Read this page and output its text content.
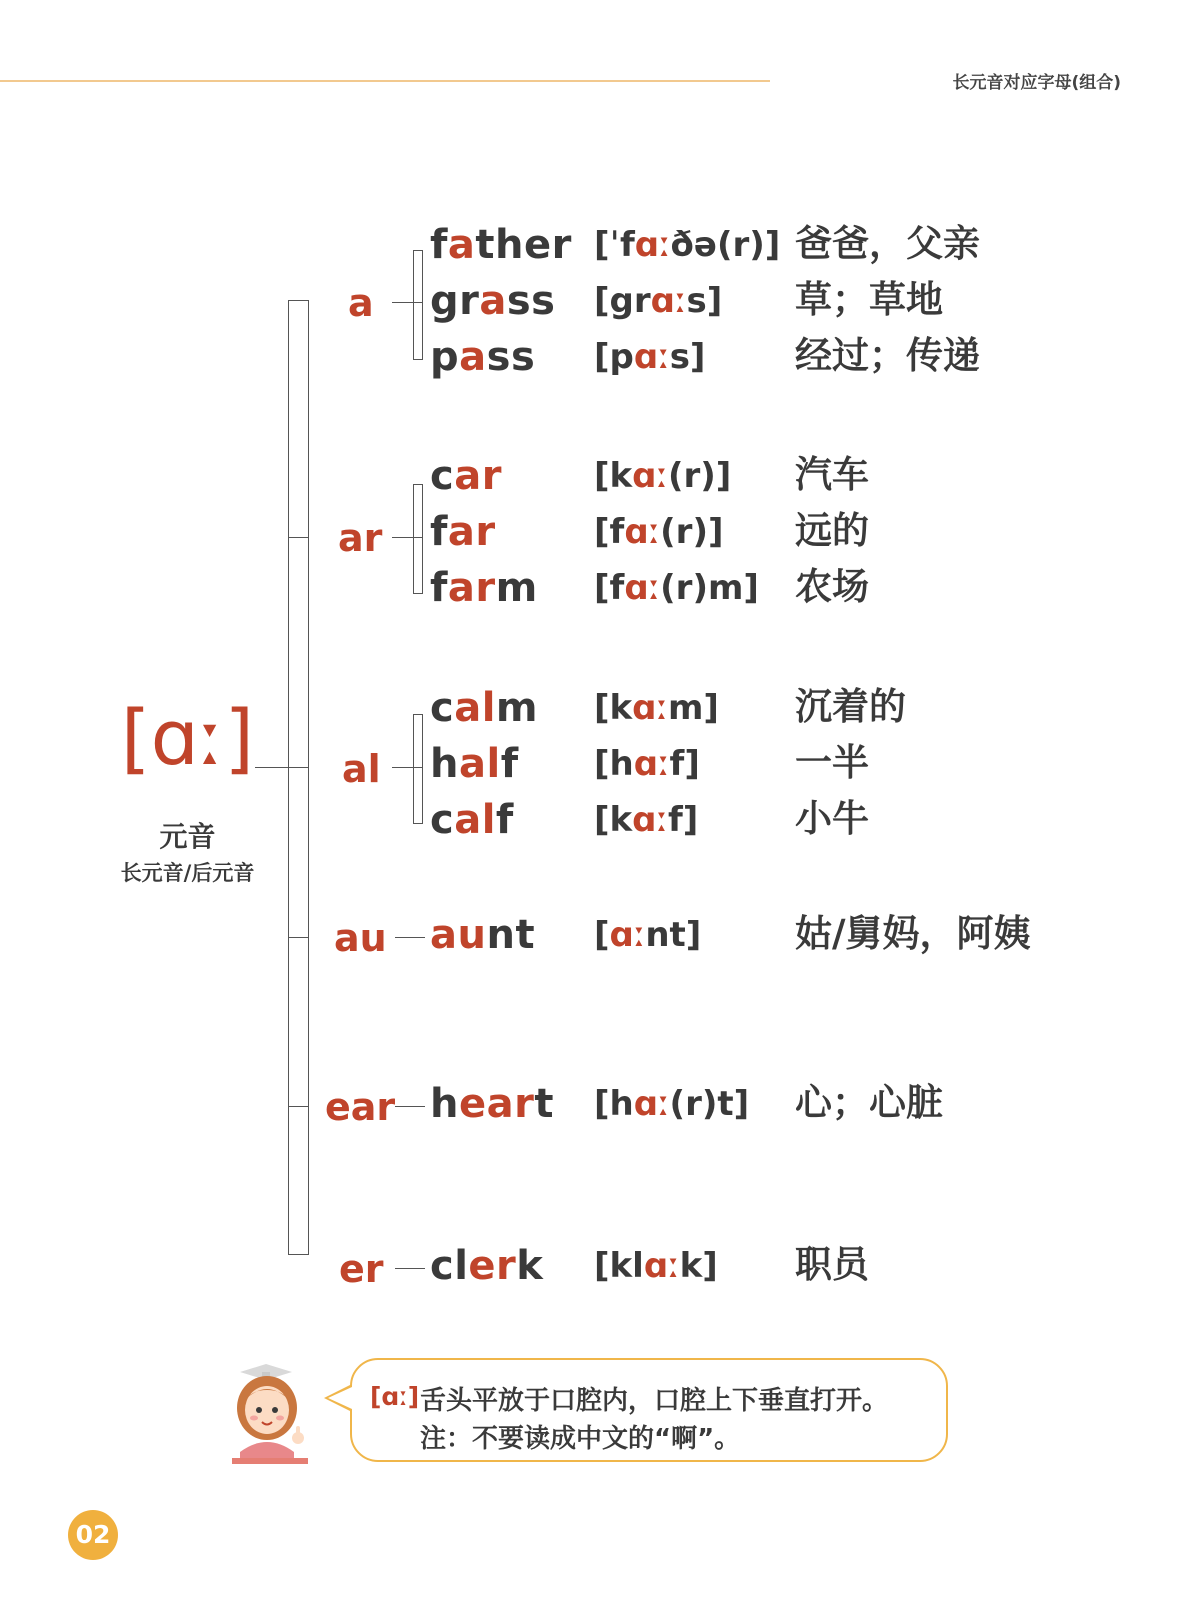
长元音对应字母(组合)
[ɑː]
元音
长元音/后元音
a
ar
al
au
ear
er
father [ˈfɑːðə(r)] 爸爸，父亲
grass [grɑːs] 草；草地
pass [pɑːs] 经过；传递
car	[kɑː(r)] 汽车
far	[fɑː(r)] 远的
farm [fɑː(r)m] 农场
calm [kɑːm] 沉着的
half [hɑːf]	一半
calf [kɑːf]	小牛
aunt [ɑːnt]	姑/舅妈，阿姨
heart [hɑː(r)t] 心；心脏
clerk [klɑːk] 职员
[ɑː] 舌头平放于口腔内，口腔上下垂直打开。
注：不要读成中文的“啊”。
02
